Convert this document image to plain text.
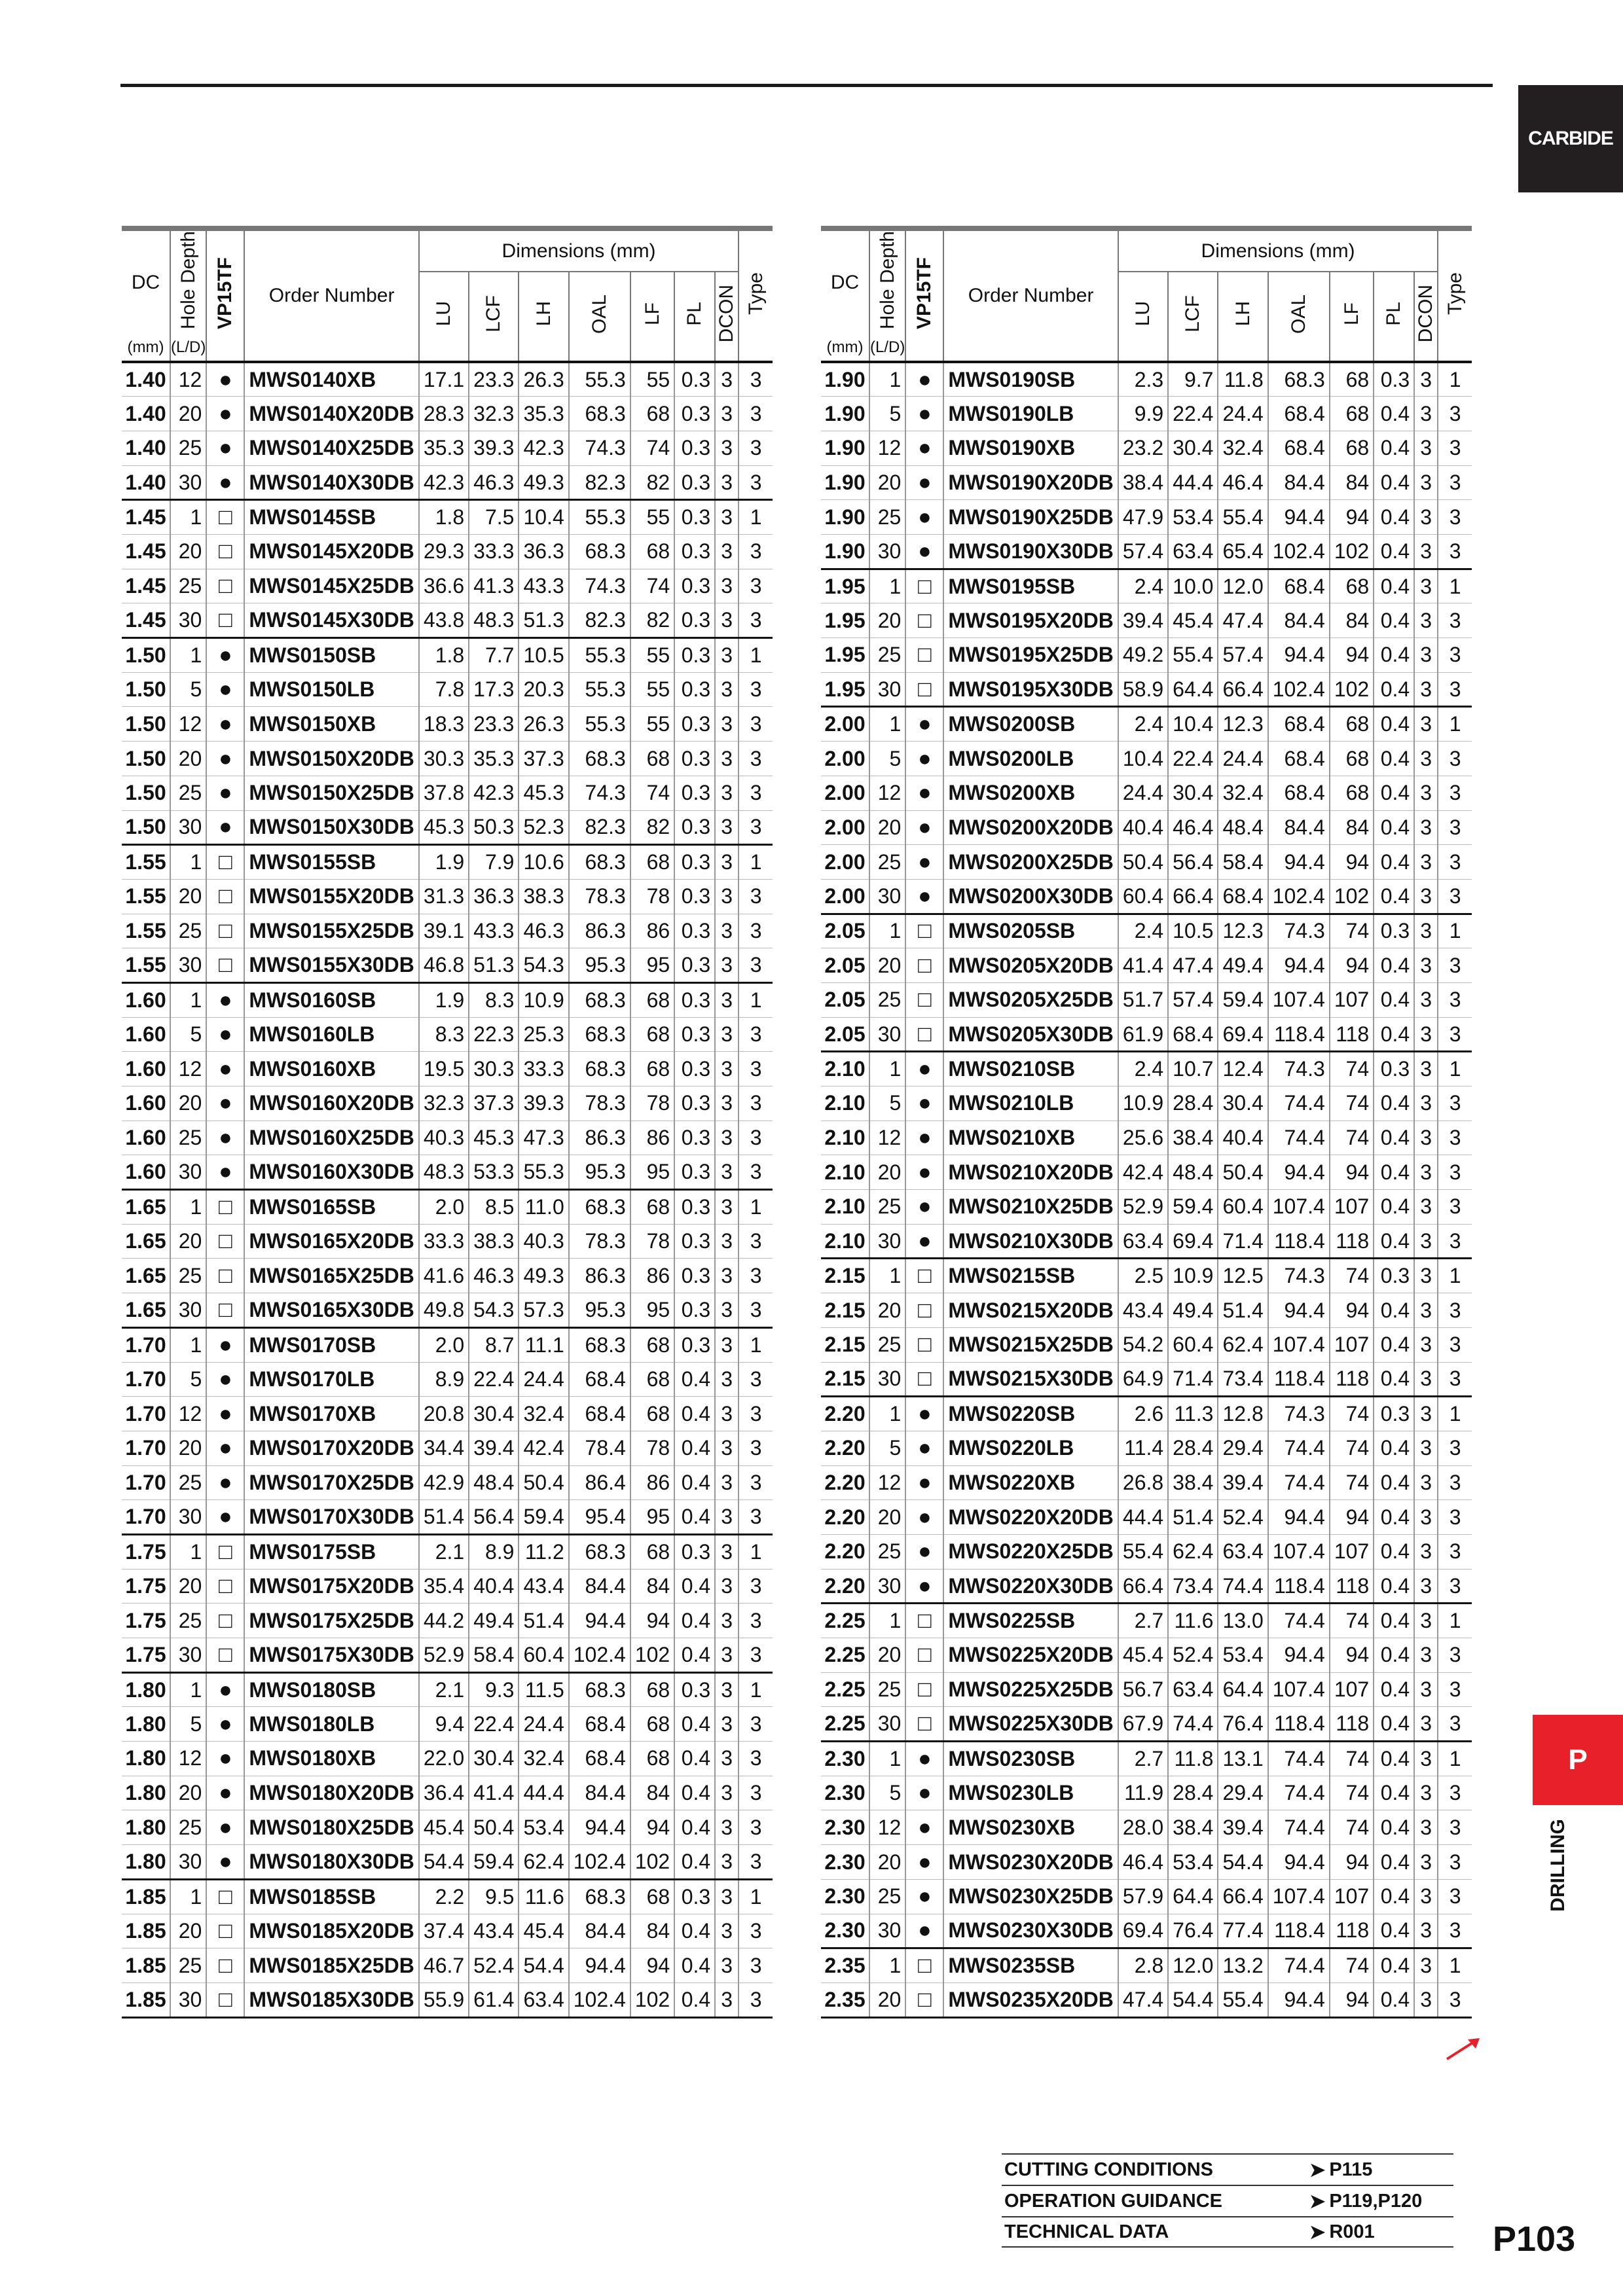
CARBIDE
DC	Hole Depth	VP15TF	Order Number	Dimensions (mm)							Type
				LU	LCF	LH	OAL	LF	PL	DCON	
(mm)	(L/D)										
1.40	12	●	MWS0140XB	17.1	23.3	26.3	55.3	55	0.3	3	3
1.40	20	●	MWS0140X20DB	28.3	32.3	35.3	68.3	68	0.3	3	3
1.40	25	●	MWS0140X25DB	35.3	39.3	42.3	74.3	74	0.3	3	3
1.40	30	●	MWS0140X30DB	42.3	46.3	49.3	82.3	82	0.3	3	3
1.45	1	□	MWS0145SB	1.8	7.5	10.4	55.3	55	0.3	3	1
1.45	20	□	MWS0145X20DB	29.3	33.3	36.3	68.3	68	0.3	3	3
1.45	25	□	MWS0145X25DB	36.6	41.3	43.3	74.3	74	0.3	3	3
1.45	30	□	MWS0145X30DB	43.8	48.3	51.3	82.3	82	0.3	3	3
1.50	1	●	MWS0150SB	1.8	7.7	10.5	55.3	55	0.3	3	1
1.50	5	●	MWS0150LB	7.8	17.3	20.3	55.3	55	0.3	3	3
1.50	12	●	MWS0150XB	18.3	23.3	26.3	55.3	55	0.3	3	3
1.50	20	●	MWS0150X20DB	30.3	35.3	37.3	68.3	68	0.3	3	3
1.50	25	●	MWS0150X25DB	37.8	42.3	45.3	74.3	74	0.3	3	3
1.50	30	●	MWS0150X30DB	45.3	50.3	52.3	82.3	82	0.3	3	3
1.55	1	□	MWS0155SB	1.9	7.9	10.6	68.3	68	0.3	3	1
1.55	20	□	MWS0155X20DB	31.3	36.3	38.3	78.3	78	0.3	3	3
1.55	25	□	MWS0155X25DB	39.1	43.3	46.3	86.3	86	0.3	3	3
1.55	30	□	MWS0155X30DB	46.8	51.3	54.3	95.3	95	0.3	3	3
1.60	1	●	MWS0160SB	1.9	8.3	10.9	68.3	68	0.3	3	1
1.60	5	●	MWS0160LB	8.3	22.3	25.3	68.3	68	0.3	3	3
1.60	12	●	MWS0160XB	19.5	30.3	33.3	68.3	68	0.3	3	3
1.60	20	●	MWS0160X20DB	32.3	37.3	39.3	78.3	78	0.3	3	3
1.60	25	●	MWS0160X25DB	40.3	45.3	47.3	86.3	86	0.3	3	3
1.60	30	●	MWS0160X30DB	48.3	53.3	55.3	95.3	95	0.3	3	3
1.65	1	□	MWS0165SB	2.0	8.5	11.0	68.3	68	0.3	3	1
1.65	20	□	MWS0165X20DB	33.3	38.3	40.3	78.3	78	0.3	3	3
1.65	25	□	MWS0165X25DB	41.6	46.3	49.3	86.3	86	0.3	3	3
1.65	30	□	MWS0165X30DB	49.8	54.3	57.3	95.3	95	0.3	3	3
1.70	1	●	MWS0170SB	2.0	8.7	11.1	68.3	68	0.3	3	1
1.70	5	●	MWS0170LB	8.9	22.4	24.4	68.4	68	0.4	3	3
1.70	12	●	MWS0170XB	20.8	30.4	32.4	68.4	68	0.4	3	3
1.70	20	●	MWS0170X20DB	34.4	39.4	42.4	78.4	78	0.4	3	3
1.70	25	●	MWS0170X25DB	42.9	48.4	50.4	86.4	86	0.4	3	3
1.70	30	●	MWS0170X30DB	51.4	56.4	59.4	95.4	95	0.4	3	3
1.75	1	□	MWS0175SB	2.1	8.9	11.2	68.3	68	0.3	3	1
1.75	20	□	MWS0175X20DB	35.4	40.4	43.4	84.4	84	0.4	3	3
1.75	25	□	MWS0175X25DB	44.2	49.4	51.4	94.4	94	0.4	3	3
1.75	30	□	MWS0175X30DB	52.9	58.4	60.4	102.4	102	0.4	3	3
1.80	1	●	MWS0180SB	2.1	9.3	11.5	68.3	68	0.3	3	1
1.80	5	●	MWS0180LB	9.4	22.4	24.4	68.4	68	0.4	3	3
1.80	12	●	MWS0180XB	22.0	30.4	32.4	68.4	68	0.4	3	3
1.80	20	●	MWS0180X20DB	36.4	41.4	44.4	84.4	84	0.4	3	3
1.80	25	●	MWS0180X25DB	45.4	50.4	53.4	94.4	94	0.4	3	3
1.80	30	●	MWS0180X30DB	54.4	59.4	62.4	102.4	102	0.4	3	3
1.85	1	□	MWS0185SB	2.2	9.5	11.6	68.3	68	0.3	3	1
1.85	20	□	MWS0185X20DB	37.4	43.4	45.4	84.4	84	0.4	3	3
1.85	25	□	MWS0185X25DB	46.7	52.4	54.4	94.4	94	0.4	3	3
1.85	30	□	MWS0185X30DB	55.9	61.4	63.4	102.4	102	0.4	3	3
DC	Hole Depth	VP15TF	Order Number	Dimensions (mm)							Type
				LU	LCF	LH	OAL	LF	PL	DCON	
(mm)	(L/D)										
1.90	1	●	MWS0190SB	2.3	9.7	11.8	68.3	68	0.3	3	1
1.90	5	●	MWS0190LB	9.9	22.4	24.4	68.4	68	0.4	3	3
1.90	12	●	MWS0190XB	23.2	30.4	32.4	68.4	68	0.4	3	3
1.90	20	●	MWS0190X20DB	38.4	44.4	46.4	84.4	84	0.4	3	3
1.90	25	●	MWS0190X25DB	47.9	53.4	55.4	94.4	94	0.4	3	3
1.90	30	●	MWS0190X30DB	57.4	63.4	65.4	102.4	102	0.4	3	3
1.95	1	□	MWS0195SB	2.4	10.0	12.0	68.4	68	0.4	3	1
1.95	20	□	MWS0195X20DB	39.4	45.4	47.4	84.4	84	0.4	3	3
1.95	25	□	MWS0195X25DB	49.2	55.4	57.4	94.4	94	0.4	3	3
1.95	30	□	MWS0195X30DB	58.9	64.4	66.4	102.4	102	0.4	3	3
2.00	1	●	MWS0200SB	2.4	10.4	12.3	68.4	68	0.4	3	1
2.00	5	●	MWS0200LB	10.4	22.4	24.4	68.4	68	0.4	3	3
2.00	12	●	MWS0200XB	24.4	30.4	32.4	68.4	68	0.4	3	3
2.00	20	●	MWS0200X20DB	40.4	46.4	48.4	84.4	84	0.4	3	3
2.00	25	●	MWS0200X25DB	50.4	56.4	58.4	94.4	94	0.4	3	3
2.00	30	●	MWS0200X30DB	60.4	66.4	68.4	102.4	102	0.4	3	3
2.05	1	□	MWS0205SB	2.4	10.5	12.3	74.3	74	0.3	3	1
2.05	20	□	MWS0205X20DB	41.4	47.4	49.4	94.4	94	0.4	3	3
2.05	25	□	MWS0205X25DB	51.7	57.4	59.4	107.4	107	0.4	3	3
2.05	30	□	MWS0205X30DB	61.9	68.4	69.4	118.4	118	0.4	3	3
2.10	1	●	MWS0210SB	2.4	10.7	12.4	74.3	74	0.3	3	1
2.10	5	●	MWS0210LB	10.9	28.4	30.4	74.4	74	0.4	3	3
2.10	12	●	MWS0210XB	25.6	38.4	40.4	74.4	74	0.4	3	3
2.10	20	●	MWS0210X20DB	42.4	48.4	50.4	94.4	94	0.4	3	3
2.10	25	●	MWS0210X25DB	52.9	59.4	60.4	107.4	107	0.4	3	3
2.10	30	●	MWS0210X30DB	63.4	69.4	71.4	118.4	118	0.4	3	3
2.15	1	□	MWS0215SB	2.5	10.9	12.5	74.3	74	0.3	3	1
2.15	20	□	MWS0215X20DB	43.4	49.4	51.4	94.4	94	0.4	3	3
2.15	25	□	MWS0215X25DB	54.2	60.4	62.4	107.4	107	0.4	3	3
2.15	30	□	MWS0215X30DB	64.9	71.4	73.4	118.4	118	0.4	3	3
2.20	1	●	MWS0220SB	2.6	11.3	12.8	74.3	74	0.3	3	1
2.20	5	●	MWS0220LB	11.4	28.4	29.4	74.4	74	0.4	3	3
2.20	12	●	MWS0220XB	26.8	38.4	39.4	74.4	74	0.4	3	3
2.20	20	●	MWS0220X20DB	44.4	51.4	52.4	94.4	94	0.4	3	3
2.20	25	●	MWS0220X25DB	55.4	62.4	63.4	107.4	107	0.4	3	3
2.20	30	●	MWS0220X30DB	66.4	73.4	74.4	118.4	118	0.4	3	3
2.25	1	□	MWS0225SB	2.7	11.6	13.0	74.4	74	0.4	3	1
2.25	20	□	MWS0225X20DB	45.4	52.4	53.4	94.4	94	0.4	3	3
2.25	25	□	MWS0225X25DB	56.7	63.4	64.4	107.4	107	0.4	3	3
2.25	30	□	MWS0225X30DB	67.9	74.4	76.4	118.4	118	0.4	3	3
2.30	1	●	MWS0230SB	2.7	11.8	13.1	74.4	74	0.4	3	1
2.30	5	●	MWS0230LB	11.9	28.4	29.4	74.4	74	0.4	3	3
2.30	12	●	MWS0230XB	28.0	38.4	39.4	74.4	74	0.4	3	3
2.30	20	●	MWS0230X20DB	46.4	53.4	54.4	94.4	94	0.4	3	3
2.30	25	●	MWS0230X25DB	57.9	64.4	66.4	107.4	107	0.4	3	3
2.30	30	●	MWS0230X30DB	69.4	76.4	77.4	118.4	118	0.4	3	3
2.35	1	□	MWS0235SB	2.8	12.0	13.2	74.4	74	0.4	3	1
2.35	20	□	MWS0235X20DB	47.4	54.4	55.4	94.4	94	0.4	3	3
P
DRILLING
CUTTING CONDITIONS	➤ P115
OPERATION GUIDANCE	➤ P119,P120
TECHNICAL DATA	➤ R001	P103
